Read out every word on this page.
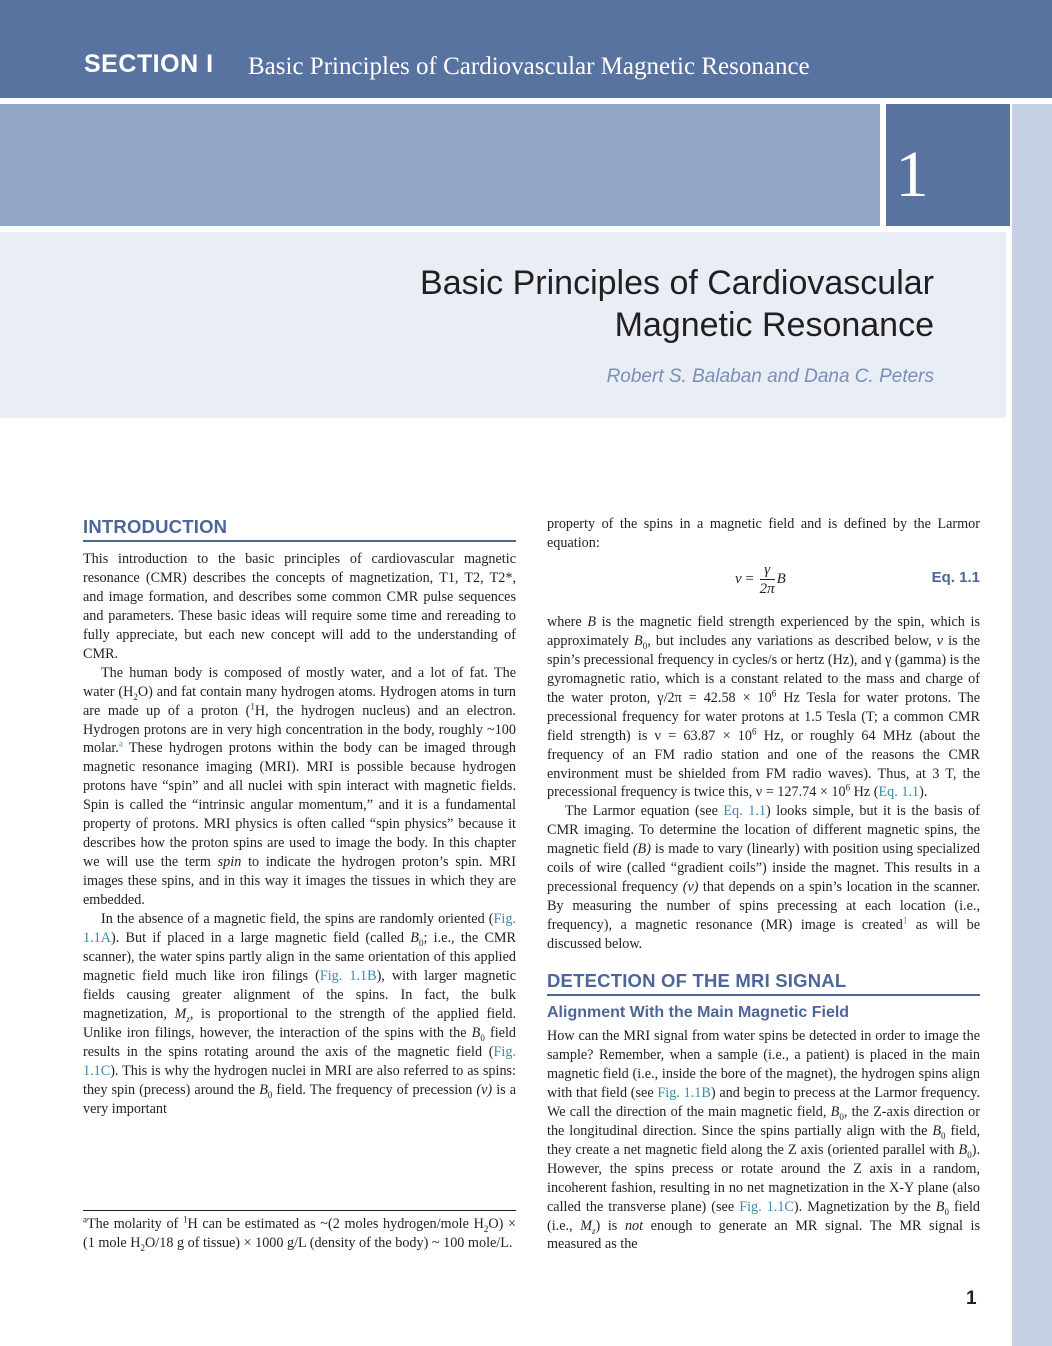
SECTION I Basic Principles of Cardiovascular Magnetic Resonance
1
Basic Principles of Cardiovascular
Magnetic Resonance
Robert S. Balaban and Dana C. Peters
INTRODUCTION

This introduction to the basic principles of cardiovascular magnetic resonance (CMR) describes the concepts of magnetization, T1, T2, T2*, and image formation, and describes some common CMR pulse sequences and parameters. These basic ideas will require some time and rereading to fully appreciate, but each new concept will add to the understanding of CMR.

The human body is composed of mostly water, and a lot of fat. The water $(H_2O)$ and fat contain many hydrogen atoms. Hydrogen atoms in turn are made up of a proton ($^1$H, the hydrogen nucleus) and an electron. Hydrogen protons are in very high concentration in the body, roughly ~100 molar.$^a$ These hydrogen protons within the body can be imaged through magnetic resonance imaging (MRI). MRI is possible because hydrogen protons have “spin” and all nuclei with spin interact with magnetic fields. Spin is called the “intrinsic angular momentum,” and it is a fundamental property of protons. MRI physics is often called “spin physics” because it describes how the proton spins are used to image the body. In this chapter we will use the term spin to indicate the hydrogen proton’s spin. MRI images these spins, and in this way it images the tissues in which they are embedded.

In the absence of a magnetic field, the spins are randomly oriented (Fig. 1.1A). But if placed in a large magnetic field (called $B_0$; i.e., the CMR scanner), the water spins partly align in the same orientation of this applied magnetic field much like iron filings (Fig. 1.1B), with larger magnetic fields causing greater alignment of the spins. In fact, the bulk magnetization, $M_z$, is proportional to the strength of the applied field. Unlike iron filings, however, the interaction of the spins with the $B_0$ field results in the spins rotating around the axis of the magnetic field (Fig. 1.1C). This is why the hydrogen nuclei in MRI are also referred to as spins: they spin (precess) around the $B_0$ field. The frequency of precession (ν) is a very important

$^a$The molarity of $^1$H can be estimated as ~(2 moles hydrogen/mole $H_2O) \times (1$ mole $H_2O/18$ g of tissue) × 1000 g/L (density of the body) ~ 100 mole/L.

property of the spins in a magnetic field and is defined by the Larmor equation:

$\nu = \frac{\gamma}{2\pi}$ B	Eq. 1.1

where B is the magnetic field strength experienced by the spin, which is approximately $B_0$, but includes any variations as described below, ν is the spin’s precessional frequency in cycles/s or hertz (Hz), and γ (gamma) is the gyromagnetic ratio, which is a constant related to the mass and charge of the water proton, $\gamma/2\pi = 42.58 \times 10^6$ Hz Tesla for water protons. The precessional frequency for water protons at 1.5 Tesla (T; a common CMR field strength) is $\nu = 63.87 \times 10^6$ Hz, or roughly 64 MHz (about the frequency of an FM radio station and one of the reasons the CMR environment must be shielded from FM radio waves). Thus, at 3 T, the precessional frequency is twice this, $\nu = 127.74 \times 10^6$ Hz (Eq. 1.1).

The Larmor equation (see Eq. 1.1) looks simple, but it is the basis of CMR imaging. To determine the location of different magnetic spins, the magnetic field (B) is made to vary (linearly) with position using specialized coils of wire (called “gradient coils”) inside the magnet. This results in a precessional frequency (ν) that depends on a spin’s location in the scanner. By measuring the number of spins precessing at each location (i.e., frequency), a magnetic resonance (MR) image is created$^1$ as will be discussed below.

DETECTION OF THE MRI SIGNAL
Alignment With the Main Magnetic Field

How can the MRI signal from water spins be detected in order to image the sample? Remember, when a sample (i.e., a patient) is placed in the main magnetic field (i.e., inside the bore of the magnet), the hydrogen spins align with that field (see Fig. 1.1B) and begin to precess at the Larmor frequency. We call the direction of the main magnetic field, $B_0$, the Z-axis direction or the longitudinal direction. Since the spins partially align with the $B_0$ field, they create a net magnetic field along the Z axis (oriented parallel with $B_0$). However, the spins precess or rotate around the Z axis in a random, incoherent fashion, resulting in no net magnetization in the X-Y plane (also called the transverse plane) (see Fig. 1.1C). Magnetization by the $B_0$ field (i.e., $M_z$) is not enough to generate an MR signal. The MR signal is measured as the

1
